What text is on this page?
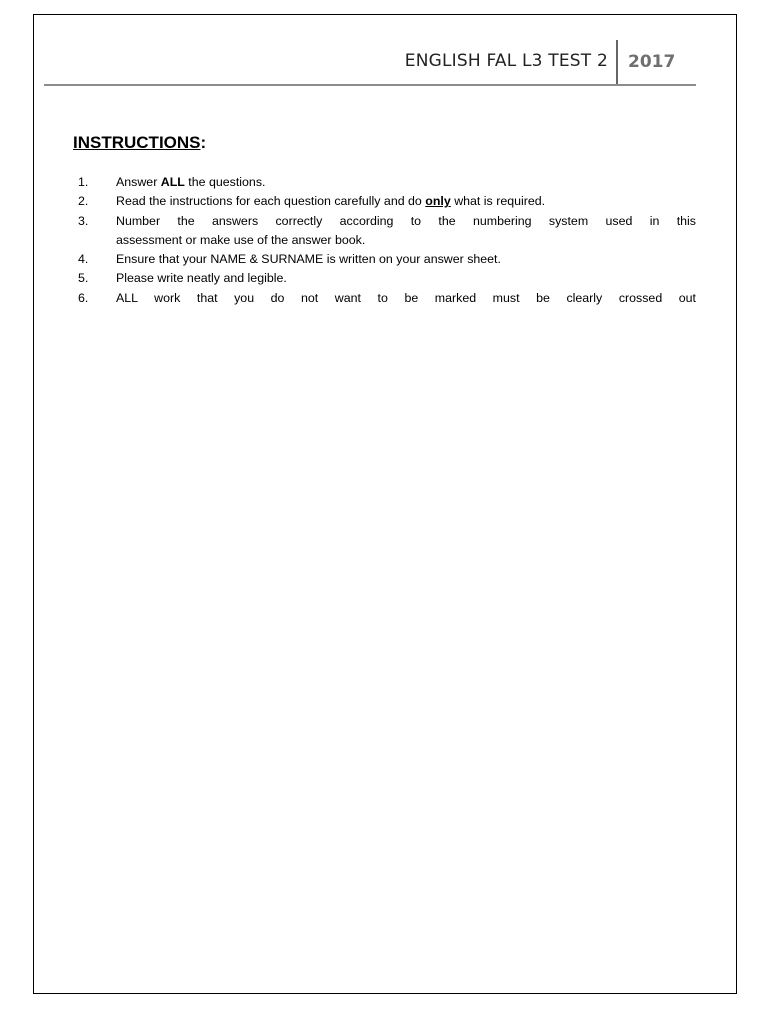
ENGLISH FAL L3 TEST 2 2017
INSTRUCTIONS:
1. Answer ALL the questions.
2. Read the instructions for each question carefully and do only what is required.
3. Number the answers correctly according to the numbering system used in this
assessment or make use of the answer book.
4. Ensure that your NAME & SURNAME is written on your answer sheet.
5. Please write neatly and legible.
6. ALL work that you do not want to be marked must be clearly crossed out
